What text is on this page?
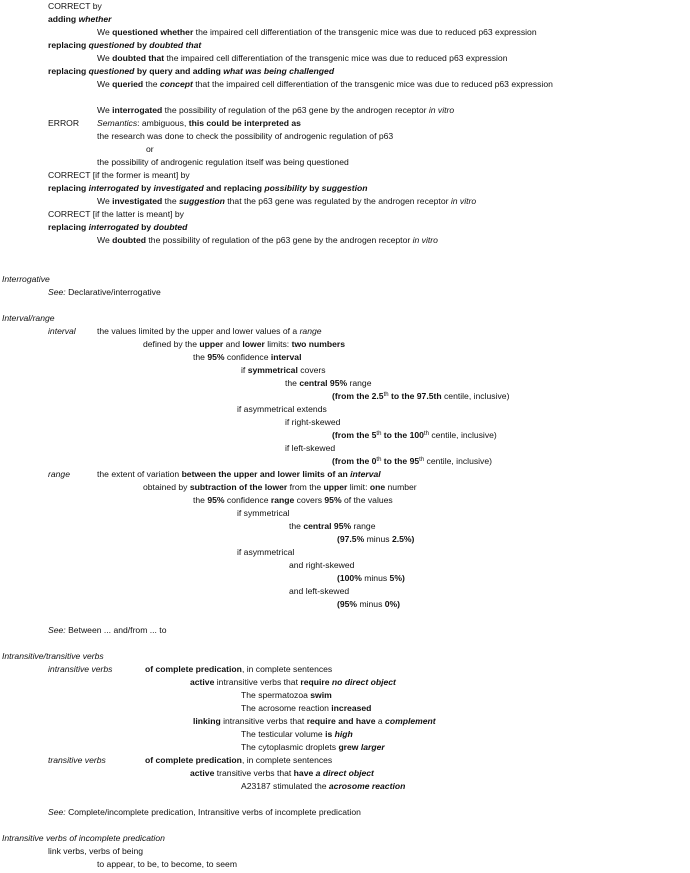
CORRECT by
adding whether
We questioned whether the impaired cell differentiation of the transgenic mice was due to reduced p63 expression
replacing questioned by doubted that
We doubted that the impaired cell differentiation of the transgenic mice was due to reduced p63 expression
replacing questioned by query and adding what was being challenged
We queried the concept that the impaired cell differentiation of the transgenic mice was due to reduced p63 expression
We interrogated the possibility of regulation of the p63 gene by the androgen receptor in vitro
ERROR Semantics: ambiguous, this could be interpreted as
the research was done to check the possibility of androgenic regulation of p63
or
the possibility of androgenic regulation itself was being questioned
CORRECT [if the former is meant] by
replacing interrogated by investigated and replacing possibility by suggestion
We investigated the suggestion that the p63 gene was regulated by the androgen receptor in vitro
CORRECT [if the latter is meant] by
replacing interrogated by doubted
We doubted the possibility of regulation of the p63 gene by the androgen receptor in vitro
Interrogative
See: Declarative/interrogative
Interval/range
interval the values limited by the upper and lower values of a range
defined by the upper and lower limits: two numbers
the 95% confidence interval
if symmetrical covers
the central 95% range
(from the 2.5th to the 97.5th centile, inclusive)
if asymmetrical extends
if right-skewed
(from the 5th to the 100th centile, inclusive)
if left-skewed
(from the 0th to the 95th centile, inclusive)
range	the extent of variation between the upper and lower limits of an interval
obtained by subtraction of the lower from the upper limit: one number
the 95% confidence range covers 95% of the values
if symmetrical
the central 95% range
(97.5% minus 2.5%)
if asymmetrical
and right-skewed
(100% minus 5%)
and left-skewed
(95% minus 0%)
See: Between ... and/from ... to
Intransitive/transitive verbs
intransitive verbs	of complete predication, in complete sentences
active intransitive verbs that require no direct object
The spermatozoa swim
The acrosome reaction increased
linking intransitive verbs that require and have a complement
The testicular volume is high
The cytoplasmic droplets grew larger
transitive verbs	of complete predication, in complete sentences
active transitive verbs that have a direct object
A23187 stimulated the acrosome reaction
See: Complete/incomplete predication, Intransitive verbs of incomplete predication
Intransitive verbs of incomplete predication
link verbs, verbs of being
to appear, to be, to become, to seem
